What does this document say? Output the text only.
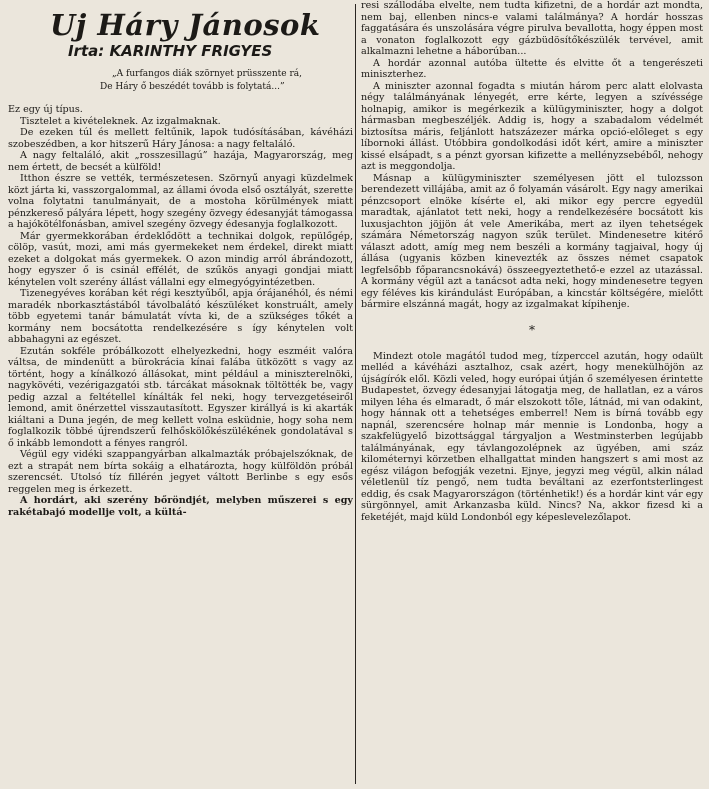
Uj Háry Jánosok
Irta: KARINTHY FRIGYES
„A furfangos diák szörnyet prüsszente rá,
De Háry ő beszédét tovább is folytatá...”

Ez egy új típus.

Tisztelet a kivételeknek. Az izgalmaknak.

De ezeken túl és mellett feltűnik, lapok tudósításában, kávéházi szobeszédben, a kor hitszerű Háry Jánosa: a nagy feltaláló.

A nagy feltaláló, akit „rosszesillagú” hazája, Magyarország, meg nem értett, de becsét a külföld!

Itthon észre se vették, természetesen. Szörnyű anyagi küzdelmek közt járta ki, vasszorgalommal, az állami óvoda első osztályát, szerette volna folytatni tanulmányait, de a mostoha körülmények miatt pénzkereső pályára lépett, hogy szegény özvegy édesanyját támogassa a hajókötélfonásban, amivel szegény özvegy édesanyja foglalkozott.

Már gyermekkorában érdeklődött a technikai dolgok, repülőgép, cölöp, vasút, mozi, ami más gyermekeket nem érdekel, direkt miatt ezeket a dolgokat más gyermekek. O azon mindig arról ábrándozott, hogy egyszer ő is csinál effélét, de szűkös anyagi gondjai miatt kénytelen volt szerény állást vállalni egy elmegyógyintézetben.

Tizenegyéves korában két régi kesztyűből, apja órájanéhól, és némi maradék nborkasztástából távolbalátó készüléket konstruált, amely több egyetemi tanár bámulatát vívta ki, de a szükséges tőkét a kormány nem bocsátotta rendelkezésére s így kénytelen volt abbahagyni az egészet.

Ezután sokféle próbálkozott elhelyezkedni, hogy eszméit valóra váltsa, de mindenütt a bürokrácia kínai falába ütközött s vagy az történt, hogy a kínálkozó állásokat, mint például a miniszterelnöki, nagykövéti, vezérigazgatói stb. tárcákat másoknak töltötték be, vagy pedig azzal a feltétellel kínálták fel neki, hogy tervezgetéseiről lemond, amit önérzettel visszautasított. Egyszer királlyá is ki akarták kiáltani a Duna jegén, de meg kellett volna esküdnie, hogy soha nem foglalkozik többé újrendszerű felhőskölőkészülékének gondolatával s ő inkább lemondott a fényes rangról.

Végül egy vidéki szappangyárban alkalmazták próbajelszóknak, de ezt a strapát nem bírta sokáig a elhatározta, hogy külföldön próbál szerencsét. Utolsó tíz fillérén jegyet váltott Berlinbe s egy esős reggelen meg is érkezett.

A hordárt, aki szerény bőröndjét, melyben műszerei s egy rakétabajó modellje volt, a kültá-

resi szállodába elvelte, nem tudta kifizetni, de a hordár azt mondta, nem baj, ellenben nincs-e valami találmánya? A hordár hosszas faggatására és unszolására végre pirulva bevallotta, hogy éppen most a vonaton foglalkozott egy gázbüdösítőkészülék tervével, amit alkalmazni lehetne a háborúban...

A hordár azonnal autóba ültette és elvitte őt a tengerészeti miniszterhez.

A miniszter azonnal fogadta s miután három perc alatt elolvasta négy találmányának lényegét, erre kérte, legyen a szívéssége holnapig, amikor is megérkezik a külügyminiszter, hogy a dolgot hármasban megbeszéljék. Addig is, hogy a szabadalom védelmét biztosítsa máris, feljánlott hatszázezer márka opció-előleget s egy líbornoki állást. Utóbbira gondolkodási időt kért, amire a miniszter kissé elsápadt, s a pénzt gyorsan kifizette a mellényzsebéből, nehogy azt is meggondolja.

Másnap a külügyminiszter személyesen jött el tulozsson berendezett villájába, amit az ő folyamán vásárolt. Egy nagy amerikai pénzcsoport elnöke kísérte el, aki mikor egy percre egyedül maradtak, ajánlatot tett neki, hogy a rendelkezésére bocsátott kis luxusjachton jöjjön át vele Amerikába, mert az ilyen tehetségek számára Németország nagyon szűk terület. Mindenesetre kitérő választ adott, amíg meg nem beszéli a kormány tagjaival, hogy új állása (ugyanis közben kinevezték az összes német csapatok legfelsőbb főparancsnokává) összeegyeztethető-e ezzel az utazással. A kormány végül azt a tanácsot adta neki, hogy mindenesetre tegyen egy féléves kis kirándulást Európában, a kincstár költségére, mielőtt bármire elszánná magát, hogy az izgalmakat kípihenje.

*

Mindezt otole magától tudod meg, tízperccel azután, hogy odaült melléd a kávéházi asztalhoz, csak azért, hogy menekülhöjön az újságírók elől. Közli veled, hogy európai útján ő személyesen érintette Budapestet, özvegy édesanyjai látogatja meg, de hallatlan, ez a város milyen léha és elmaradt, ő már elszokott tőle, látnád, mi van odakint, hogy hánnak ott a tehetséges emberrel! Nem is bírná tovább egy napnál, szerencsére holnap már mennie is Londonba, hogy a szakfelügyelő bizottsággal tárgyaljon a Westminsterben legújabb találmányának, egy távlangozolépnek az ügyében, ami száz kilométernyi körzetben elhallgattat minden hangszert s ami most az egész világon befogják vezetni. Ejnye, jegyzi meg végül, alkin nálad véletlenül tíz pengő, nem tudta beváltani az ezerfontsterlingest eddig, és csak Magyarországon (történhetik!) és a hordár kint vár egy sürgönnyel, amit Arkanzasba küld. Nincs? Na, akkor fizesd ki a feketéjét, majd küld Londonból egy képeslevelezőlapot.
